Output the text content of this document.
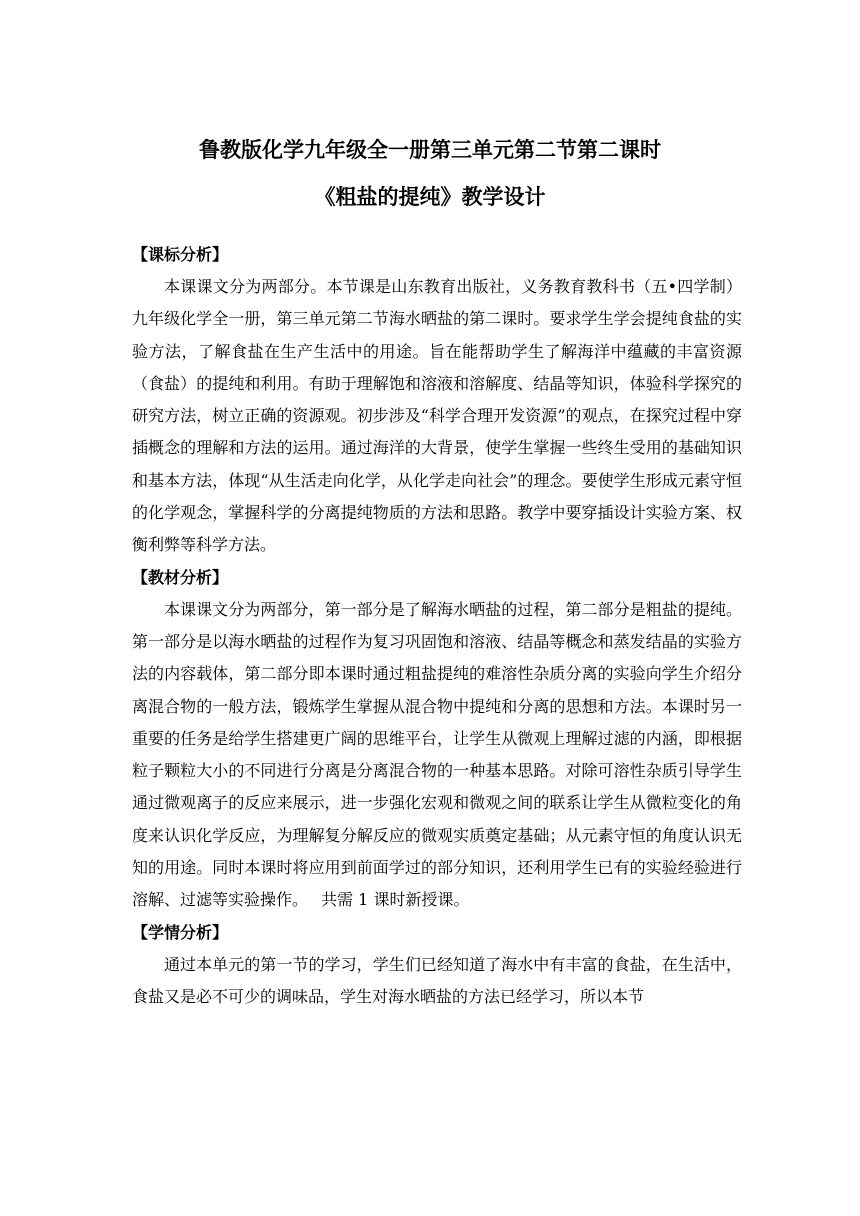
鲁教版化学九年级全一册第三单元第二节第二课时
《粗盐的提纯》教学设计

【课标分析】

本课课文分为两部分。本节课是山东教育出版社，义务教育教科书（五•四学制）九年级化学全一册，第三单元第二节海水晒盐的第二课时。要求学生学会提纯食盐的实验方法，了解食盐在生产生活中的用途。旨在能帮助学生了解海洋中蕴藏的丰富资源（食盐）的提纯和利用。有助于理解饱和溶液和溶解度、结晶等知识，体验科学探究的研究方法，树立正确的资源观。初步涉及“科学合理开发资源”的观点，在探究过程中穿插概念的理解和方法的运用。通过海洋的大背景，使学生掌握一些终生受用的基础知识和基本方法，体现“从生活走向化学，从化学走向社会”的理念。要使学生形成元素守恒的化学观念，掌握科学的分离提纯物质的方法和思路。教学中要穿插设计实验方案、权衡利弊等科学方法。

【教材分析】

本课课文分为两部分，第一部分是了解海水晒盐的过程，第二部分是粗盐的提纯。第一部分是以海水晒盐的过程作为复习巩固饱和溶液、结晶等概念和蒸发结晶的实验方法的内容载体，第二部分即本课时通过粗盐提纯的难溶性杂质分离的实验向学生介绍分离混合物的一般方法，锻炼学生掌握从混合物中提纯和分离的思想和方法。本课时另一重要的任务是给学生搭建更广阔的思维平台，让学生从微观上理解过滤的内涵，即根据粒子颗粒大小的不同进行分离是分离混合物的一种基本思路。对除可溶性杂质引导学生通过微观离子的反应来展示，进一步强化宏观和微观之间的联系让学生从微粒变化的角度来认识化学反应，为理解复分解反应的微观实质奠定基础；从元素守恒的角度认识无知的用途。同时本课时将应用到前面学过的部分知识，还利用学生已有的实验经验进行溶解、过滤等实验操作。　 共需 1 课时新授课。

【学情分析】

通过本单元的第一节的学习，学生们已经知道了海水中有丰富的食盐，在生活中，食盐又是必不可少的调味品，学生对海水晒盐的方法已经学习，所以本节
